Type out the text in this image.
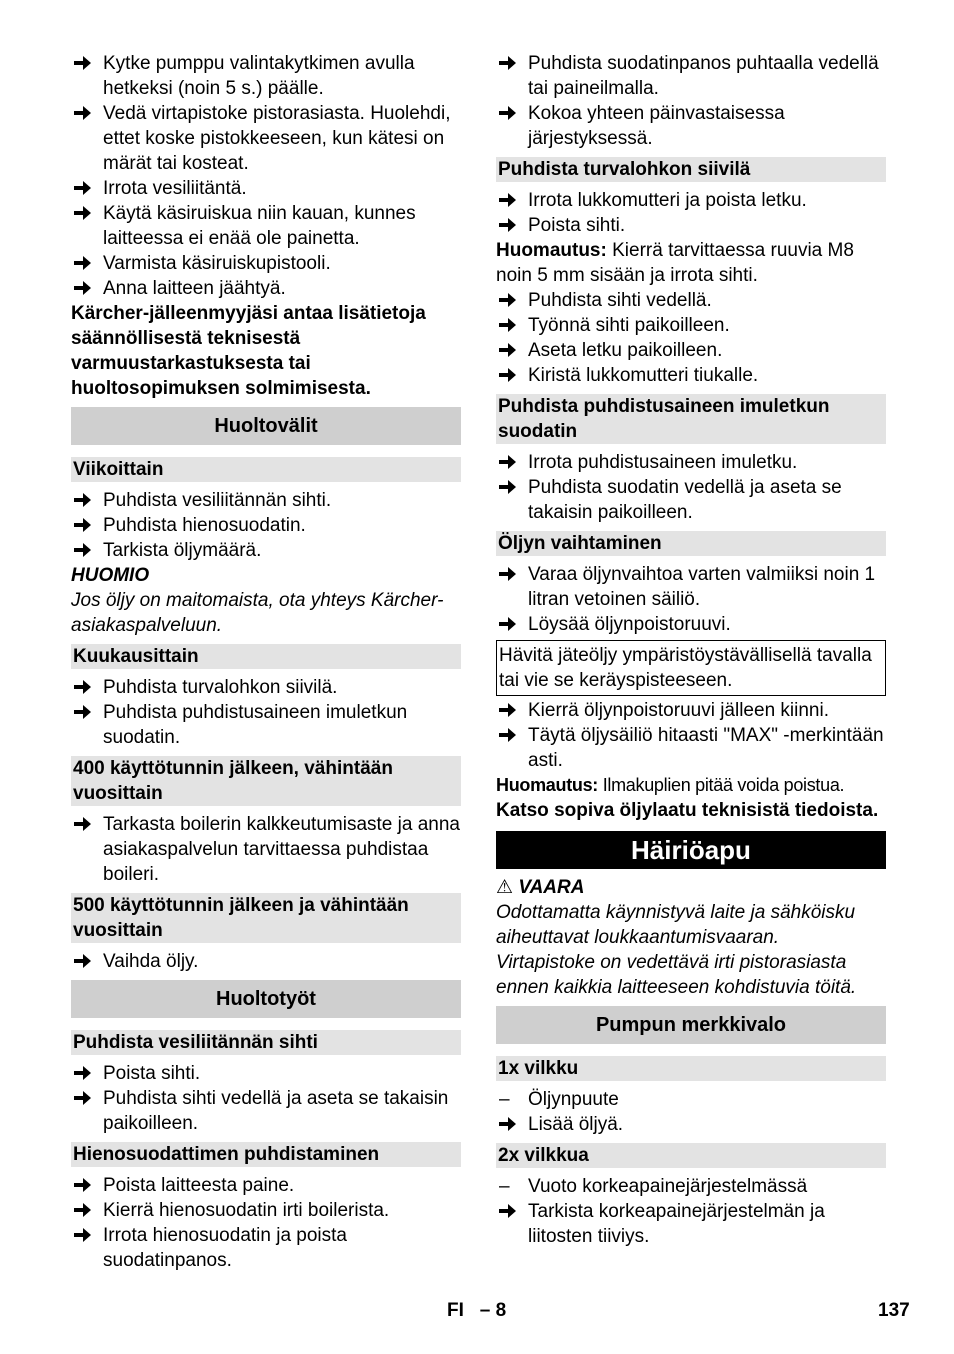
Kytke pumppu valintakytkimen avulla hetkeksi (noin 5 s.) päälle.
Vedä virtapistoke pistorasiasta. Huolehdi, ettet koske pistokkeeseen, kun kätesi on märät tai kosteat.
Irrota vesiliitäntä.
Käytä käsiruiskua niin kauan, kunnes laitteessa ei enää ole painetta.
Varmista käsiruiskupistooli.
Anna laitteen jäähtyä.
Kärcher-jälleenmyyjäsi antaa lisätietoja säännöllisestä teknisestä varmuustarkastuksesta tai huoltosopimuksen solmimisesta.
Huoltovälit
Viikoittain
Puhdista vesiliitännän sihti.
Puhdista hienosuodatin.
Tarkista öljymäärä.
HUOMIO
Jos öljy on maitomaista, ota yhteys Kärcher-asiakaspalveluun.
Kuukausittain
Puhdista turvalohkon siivilä.
Puhdista puhdistusaineen imuletkun suodatin.
400 käyttötunnin jälkeen, vähintään vuosittain
Tarkasta boilerin kalkkeutumisaste ja anna asiakaspalvelun tarvittaessa puhdistaa boileri.
500 käyttötunnin jälkeen ja vähintään vuosittain
Vaihda öljy.
Huoltotyöt
Puhdista vesiliitännän sihti
Poista sihti.
Puhdista sihti vedellä ja aseta se takaisin paikoilleen.
Hienosuodattimen puhdistaminen
Poista laitteesta paine.
Kierrä hienosuodatin irti boilerista.
Irrota hienosuodatin ja poista suodatinpanos.
Puhdista suodatinpanos puhtaalla vedellä tai paineilmalla.
Kokoa yhteen päinvastaisessa järjestyksessä.
Puhdista turvalohkon siivilä
Irrota lukkomutteri ja poista letku.
Poista sihti.

Huomautus: Kierrä tarvittaessa ruuvia M8 noin 5 mm sisään ja irrota sihti.

Puhdista sihti vedellä.
Työnnä sihti paikoilleen.
Aseta letku paikoilleen.
Kiristä lukkomutteri tiukalle.
Puhdista puhdistusaineen imuletkun suodatin
Irrota puhdistusaineen imuletku.
Puhdista suodatin vedellä ja aseta se takaisin paikoilleen.
Öljyn vaihtaminen
Varaa öljynvaihtoa varten valmiiksi noin 1 litran vetoinen säiliö.
Löysää öljynpoistoruuvi.
Hävitä jäteöljy ympäristöystävällisellä tavalla tai vie se keräyspisteeseen.
Kierrä öljynpoistoruuvi jälleen kiinni.
Täytä öljysäiliö hitaasti "MAX" -merkintään asti.

Huomautus: Ilmakuplien pitää voida poistua.

Katso sopiva öljylaatu teknisistä tiedoista.
Häiriöapu

⚠ VAARA

Odottamatta käynnistyvä laite ja sähköisku aiheuttavat loukkaantumisvaaran.
Virtapistoke on vedettävä irti pistorasiasta ennen kaikkia laitteeseen kohdistuvia töitä.
Pumpun merkkivalo
1x vilkku
– Öljynpuute
Lisää öljyä.
2x vilkkua
– Vuoto korkeapainejärjestelmässä
Tarkista korkeapainejärjestelmän ja liitosten tiiviys.
FI – 8	137
